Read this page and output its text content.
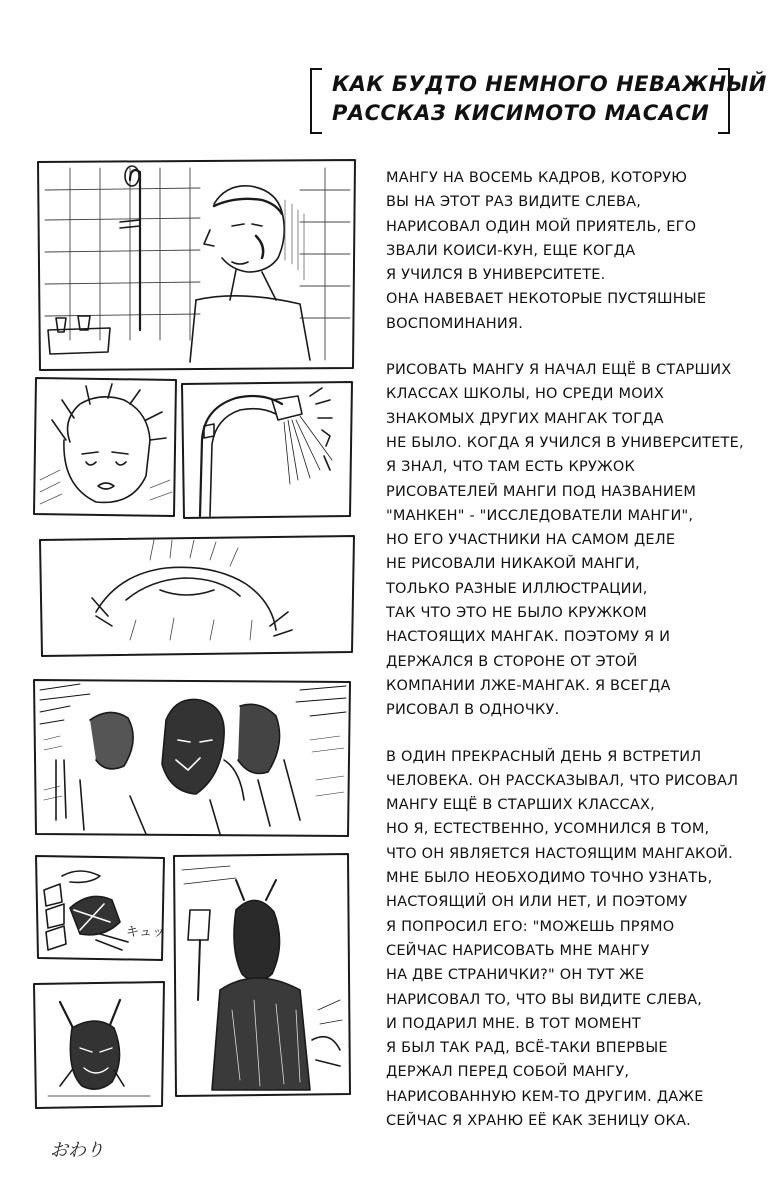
КАК БУДТО НЕМНОГО НЕВАЖНЫЙ
РАССКАЗ КИСИМОТО МАСАСИ
キュッ
おわり

МАНГУ НА ВОСЕМЬ КАДРОВ, КОТОРУЮ
ВЫ НА ЭТОТ РАЗ ВИДИТЕ СЛЕВА,
НАРИСОВАЛ ОДИН МОЙ ПРИЯТЕЛЬ, ЕГО
ЗВАЛИ КОИСИ-КУН, ЕЩЕ КОГДА
Я УЧИЛСЯ В УНИВЕРСИТЕТЕ.
ОНА НАВЕВАЕТ НЕКОТОРЫЕ ПУСТЯШНЫЕ
ВОСПОМИНАНИЯ.

РИСОВАТЬ МАНГУ Я НАЧАЛ ЕЩЁ В СТАРШИХ
КЛАССАХ ШКОЛЫ, НО СРЕДИ МОИХ
ЗНАКОМЫХ ДРУГИХ МАНГАК ТОГДА
НЕ БЫЛО. КОГДА Я УЧИЛСЯ В УНИВЕРСИТЕТЕ,
Я ЗНАЛ, ЧТО ТАМ ЕСТЬ КРУЖОК
РИСОВАТЕЛЕЙ МАНГИ ПОД НАЗВАНИЕМ
"МАНКЕН" - "ИССЛЕДОВАТЕЛИ МАНГИ",
НО ЕГО УЧАСТНИКИ НА САМОМ ДЕЛЕ
НЕ РИСОВАЛИ НИКАКОЙ МАНГИ,
ТОЛЬКО РАЗНЫЕ ИЛЛЮСТРАЦИИ,
ТАК ЧТО ЭТО НЕ БЫЛО КРУЖКОМ
НАСТОЯЩИХ МАНГАК. ПОЭТОМУ Я И
ДЕРЖАЛСЯ В СТОРОНЕ ОТ ЭТОЙ
КОМПАНИИ ЛЖЕ-МАНГАК. Я ВСЕГДА
РИСОВАЛ В ОДНОЧКУ.

В ОДИН ПРЕКРАСНЫЙ ДЕНЬ Я ВСТРЕТИЛ
ЧЕЛОВЕКА. ОН РАССКАЗЫВАЛ, ЧТО РИСОВАЛ
МАНГУ ЕЩЁ В СТАРШИХ КЛАССАХ,
НО Я, ЕСТЕСТВЕННО, УСОМНИЛСЯ В ТОМ,
ЧТО ОН ЯВЛЯЕТСЯ НАСТОЯЩИМ МАНГАКОЙ.
МНЕ БЫЛО НЕОБХОДИМО ТОЧНО УЗНАТЬ,
НАСТОЯЩИЙ ОН ИЛИ НЕТ, И ПОЭТОМУ
Я ПОПРОСИЛ ЕГО: "МОЖЕШЬ ПРЯМО
СЕЙЧАС НАРИСОВАТЬ МНЕ МАНГУ
НА ДВЕ СТРАНИЧКИ?" ОН ТУТ ЖЕ
НАРИСОВАЛ ТО, ЧТО ВЫ ВИДИТЕ СЛЕВА,
И ПОДАРИЛ МНЕ. В ТОТ МОМЕНТ
Я БЫЛ ТАК РАД, ВСЁ-ТАКИ ВПЕРВЫЕ
ДЕРЖАЛ ПЕРЕД СОБОЙ МАНГУ,
НАРИСОВАННУЮ КЕМ-ТО ДРУГИМ. ДАЖЕ
СЕЙЧАС Я ХРАНЮ ЕЁ КАК ЗЕНИЦУ ОКА.
